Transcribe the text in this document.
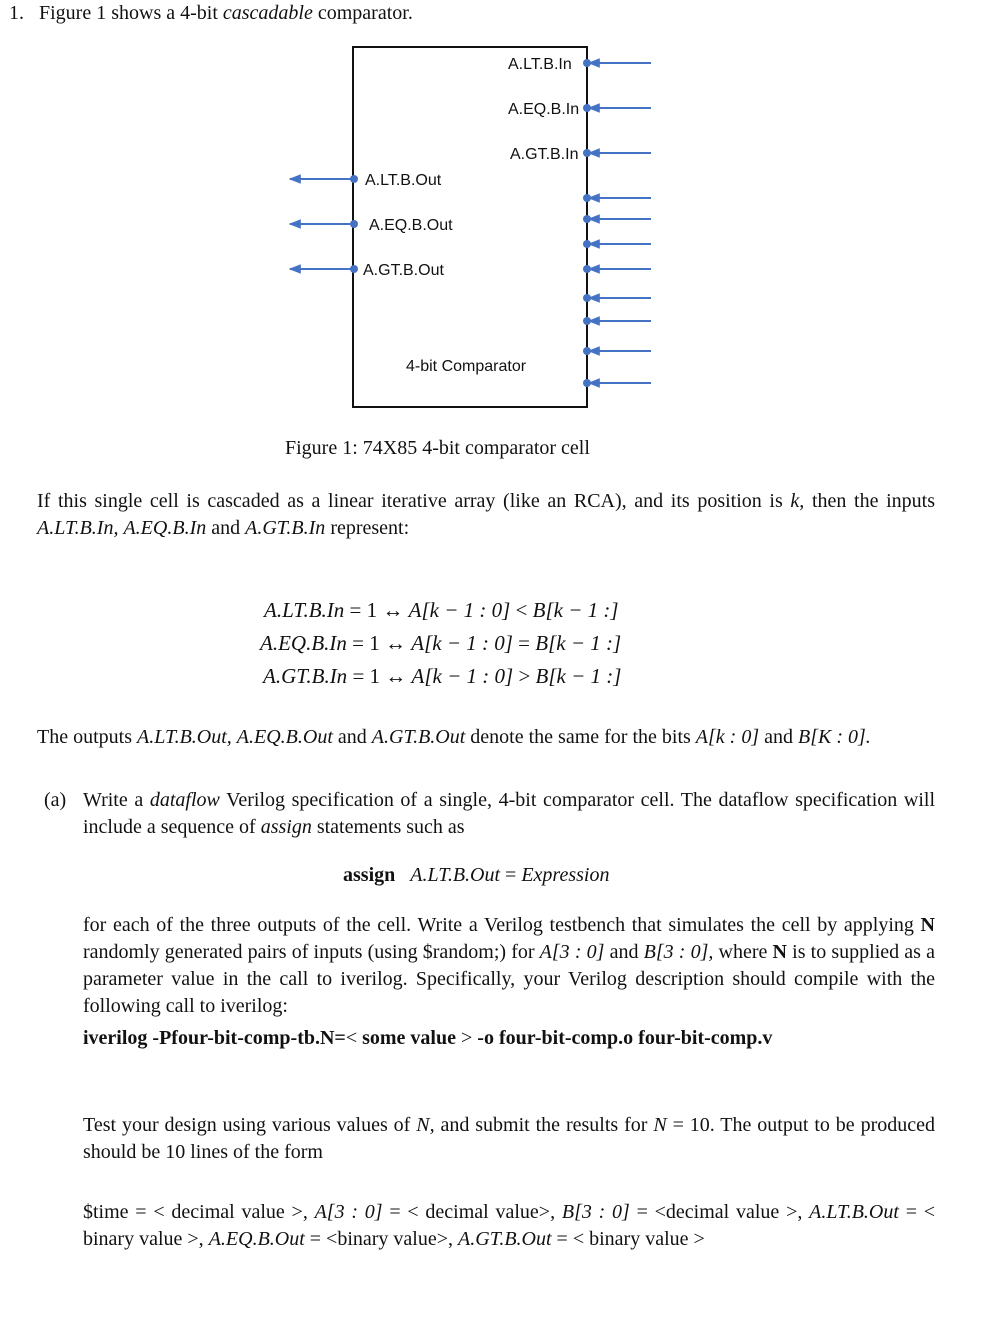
1. Figure 1 shows a 4-bit cascadable comparator.
A.LT.B.In
A.EQ.B.In
A.GT.B.In
A.LT.B.Out
A.EQ.B.Out
A.GT.B.Out
4-bit Comparator
Figure 1: 74X85 4-bit comparator cell
If this single cell is cascaded as a linear iterative array (like an RCA), and its position is k, then the inputs A.LT.B.In, A.EQ.B.In and A.GT.B.In represent:
A.LT.B.In = 1 ↔ A[k − 1 : 0] < B[k − 1 :]
A.EQ.B.In = 1 ↔ A[k − 1 : 0] = B[k − 1 :]
A.GT.B.In = 1 ↔ A[k − 1 : 0] > B[k − 1 :]
The outputs A.LT.B.Out, A.EQ.B.Out and A.GT.B.Out denote the same for the bits A[k : 0] and B[K : 0].
(a) Write a dataflow Verilog specification of a single, 4-bit comparator cell. The dataflow specification will include a sequence of assign statements such as
assign A.LT.B.Out = Expression
for each of the three outputs of the cell. Write a Verilog testbench that simulates the cell by applying N randomly generated pairs of inputs (using $random;) for A[3 : 0] and B[3 : 0], where N is to supplied as a parameter value in the call to iverilog. Specifically, your Verilog description should compile with the following call to iverilog:
iverilog -Pfour-bit-comp-tb.N=< some value > -o four-bit-comp.o four-bit-comp.v
Test your design using various values of N, and submit the results for N = 10. The output to be produced should be 10 lines of the form
$time = < decimal value >, A[3 : 0] = < decimal value>, B[3 : 0] = <decimal value >, A.LT.B.Out = < binary value >, A.EQ.B.Out = <binary value>, A.GT.B.Out = < binary value >
